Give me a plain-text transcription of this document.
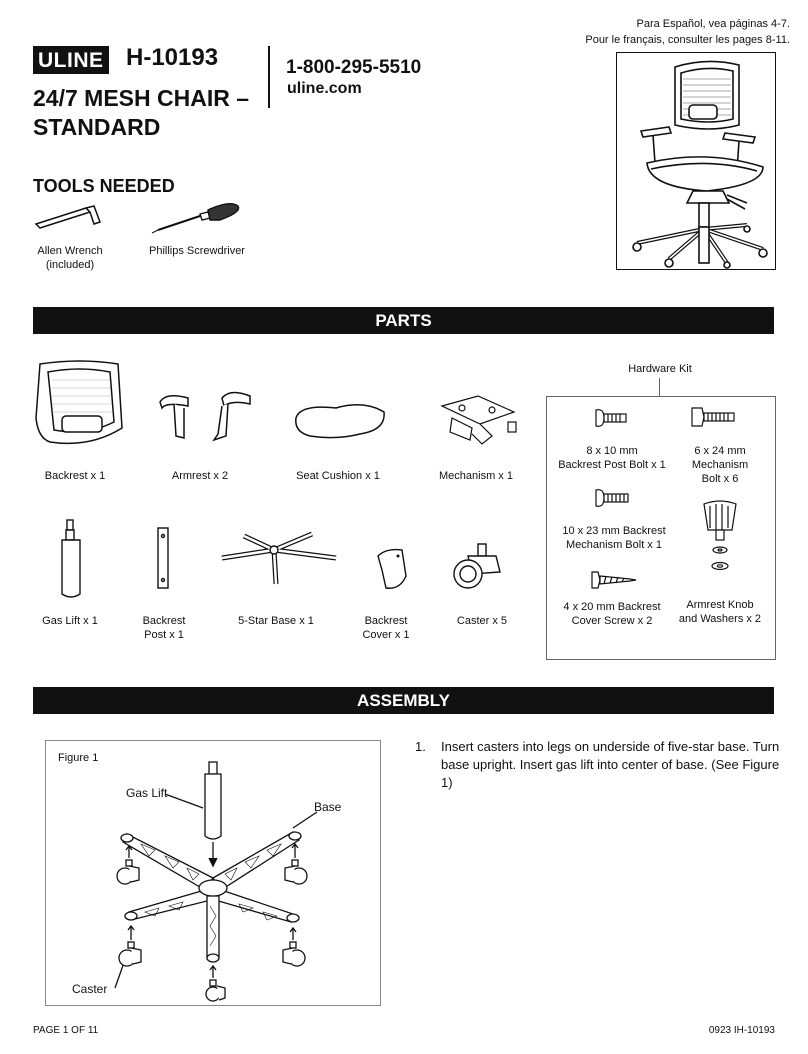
Para Español, vea páginas 4-7.
Pour le français, consulter les pages 8-11.
ULINE H-10193
24/7 MESH CHAIR –
STANDARD
1-800-295-5510
uline.com
TOOLS NEEDED
Allen Wrench
(included)
Phillips Screwdriver
PARTS
Backrest x 1	Armrest x 2	Seat Cushion x 1	Mechanism x 1
Gas Lift x 1	Backrest
Post x 1
5-Star Base x 1	Backrest
Cover x 1
Caster x 5
Hardware Kit
8 x 10 mm
Backrest Post Bolt x 1
6 x 24 mm
Mechanism
Bolt x 6
10 x 23 mm Backrest
Mechanism Bolt x 1
4 x 20 mm Backrest
Cover Screw x 2
Armrest Knob
and Washers x 2
ASSEMBLY
Figure 1
Gas Lift
Base
Caster
1. Insert casters into legs on underside of five-star base. Turn base upright. Insert gas lift into center of base. (See Figure 1)
PAGE 1 OF 11	0923 IH-10193
